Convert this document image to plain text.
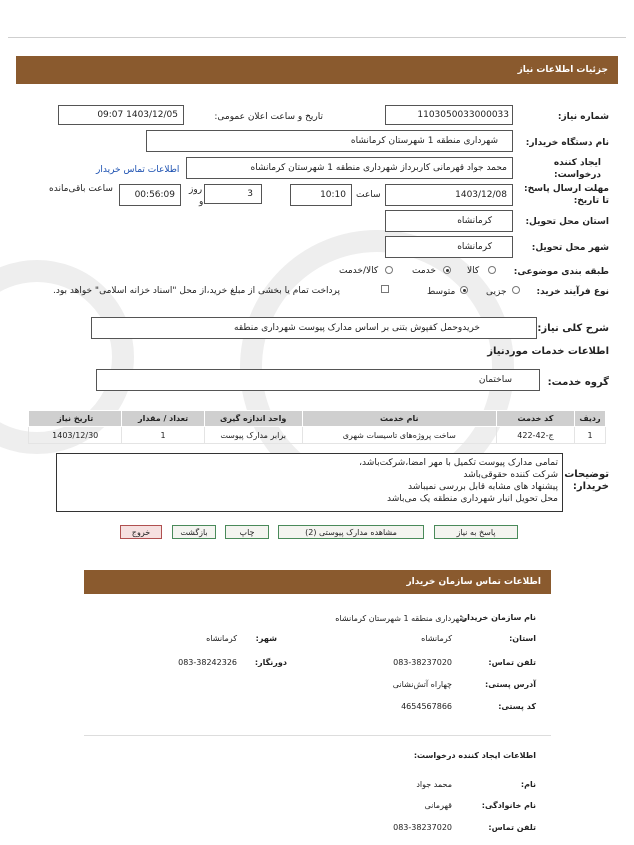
جزئیات اطلاعات نیاز
شماره نیاز:
1103050033000033
تاریخ و ساعت اعلان عمومی:
1403/12/05 09:07
نام دستگاه خریدار:
شهرداری منطقه 1 شهرستان کرمانشاه
ایجاد کننده درخواست:
محمد جواد قهرمانی کاربرداز شهرداری منطقه 1 شهرستان کرمانشاه
اطلاعات تماس خریدار
مهلت ارسال پاسخ: تا تاریخ:
1403/12/08
ساعت
10:10
3
روز
و
00:56:09
ساعت باقی‌مانده
استان محل تحویل:
کرمانشاه
شهر محل تحویل:
کرمانشاه
طبقه بندی موضوعی:
کالا
خدمت
کالا/خدمت
نوع فرآیند خرید:
جزیی
متوسط
پرداخت تمام یا بخشی از مبلغ خرید،از محل "اسناد خزانه اسلامی" خواهد بود.
شرح کلی نیاز:
خریدوحمل کفپوش بتنی بر اساس مدارک پیوست شهرداری منطقه
اطلاعات خدمات موردنیاز
گروه خدمت:
ساختمان
ردیف	کد خدمت	نام خدمت	واحد اندازه گیری	تعداد / مقدار	تاریخ نیاز
1	ج-42-422	ساخت پروژه‌های تاسیسات شهری	برابر مدارک پیوست	1	1403/12/30
توضیحات خریدار:
تمامی مدارک پیوست تکمیل با مهر امضا،شرکت‌باشد،
شرکت کننده حقوقی‌باشد
پیشنهاد های مشابه قابل بررسی نمیباشد
محل تحویل انبار شهرداری منطقه یک می‌باشد
پاسخ به نیاز
مشاهده مدارک پیوستی (2)
چاپ
بازگشت
خروج
اطلاعات تماس سازمان خریدار
نام سازمان خریدار:
شهرداری منطقه 1 شهرستان کرمانشاه
استان:
کرمانشاه
شهر:
کرمانشاه
تلفن تماس:
083-38237020
دورنگار:
083-38242326
آدرس پستی:
چهاراه آتش‌نشانی
کد پستی:
4654567866
اطلاعات ایجاد کننده درخواست:
نام:
محمد جواد
نام خانوادگی:
قهرمانی
تلفن تماس:
083-38237020
